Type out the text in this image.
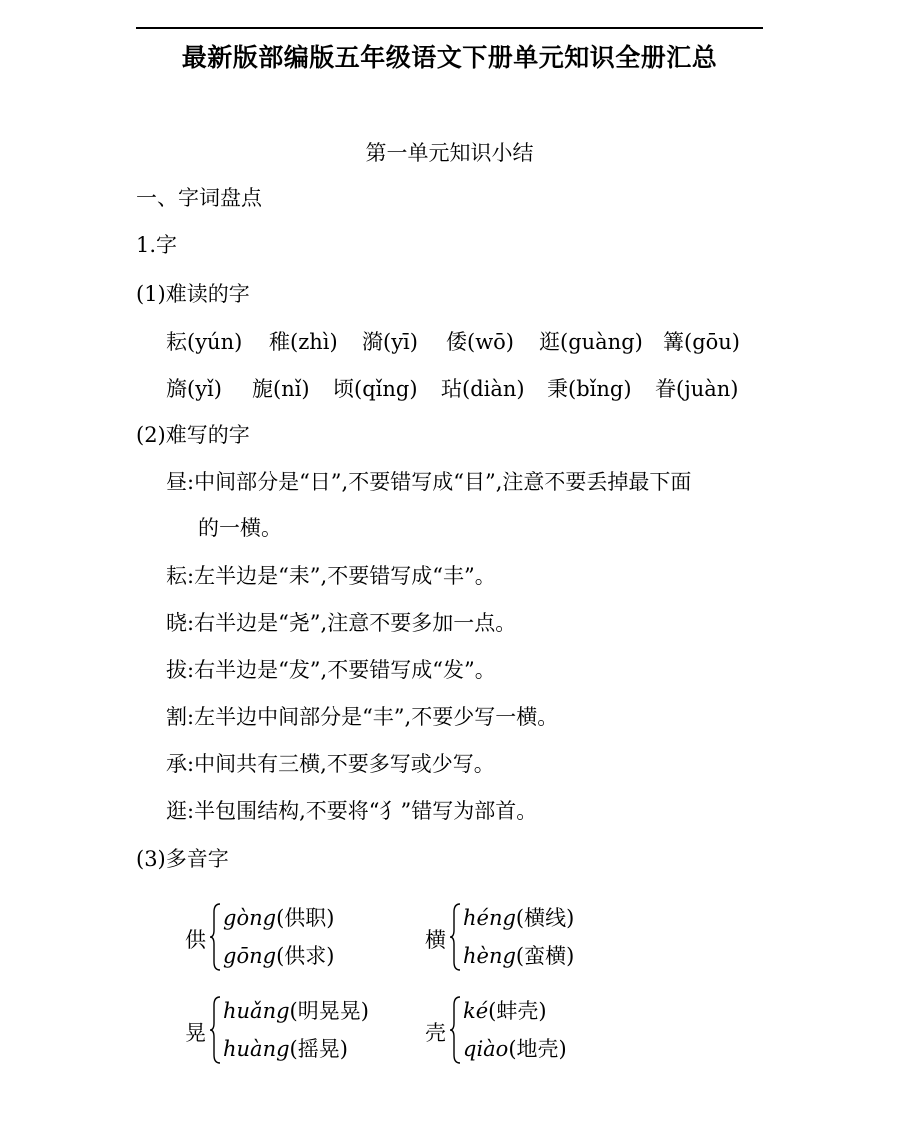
最新版部编版五年级语文下册单元知识全册汇总
第一单元知识小结
一、字词盘点
1.字
(1)难读的字
耘(yún) 稚(zhì) 漪(yī) 倭(wō) 逛(guàng) 篝(gōu)
旖(yǐ) 旎(nǐ) 顷(qǐng) 玷(diàn) 秉(bǐng) 眷(juàn)
(2)难写的字
昼:中间部分是“日”,不要错写成“目”,注意不要丢掉最下面
的一横。
耘:左半边是“耒”,不要错写成“丰”。
晓:右半边是“尧”,注意不要多加一点。
拔:右半边是“犮”,不要错写成“发”。
割:左半边中间部分是“丰”,不要少写一横。
承:中间共有三横,不要多写或少写。
逛:半包围结构,不要将“犭”错写为部首。
(3)多音字
供
gòng(供职)
gōng(供求)
横
héng(横线)
hèng(蛮横)
晃
huǎng(明晃晃)
huàng(摇晃)
壳
ké(蚌壳)
qiào(地壳)
